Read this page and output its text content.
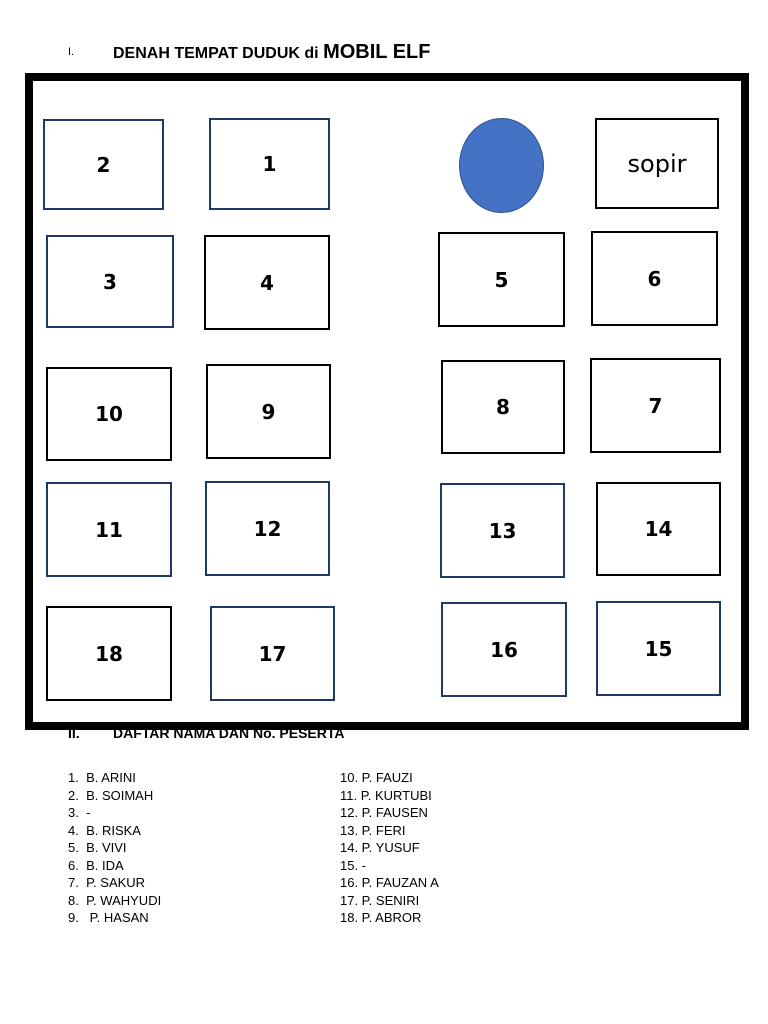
I. DENAH TEMPAT DUDUK di MOBIL ELF
2	1	sopir
3	4	5	6
10	9	8	7
11	12	13	14
18	17	16	15
II. DAFTAR NAMA DAN No. PESERTA
1.  B. ARINI
2.  B. SOIMAH
3.  -
4.  B. RISKA
5.  B. VIVI
6.  B. IDA
7.  P. SAKUR
8.  P. WAHYUDI
9.   P. HASAN
10. P. FAUZI
11. P. KURTUBI
12. P. FAUSEN
13. P. FERI
14. P. YUSUF
15. -
16. P. FAUZAN A
17. P. SENIRI
18. P. ABROR
